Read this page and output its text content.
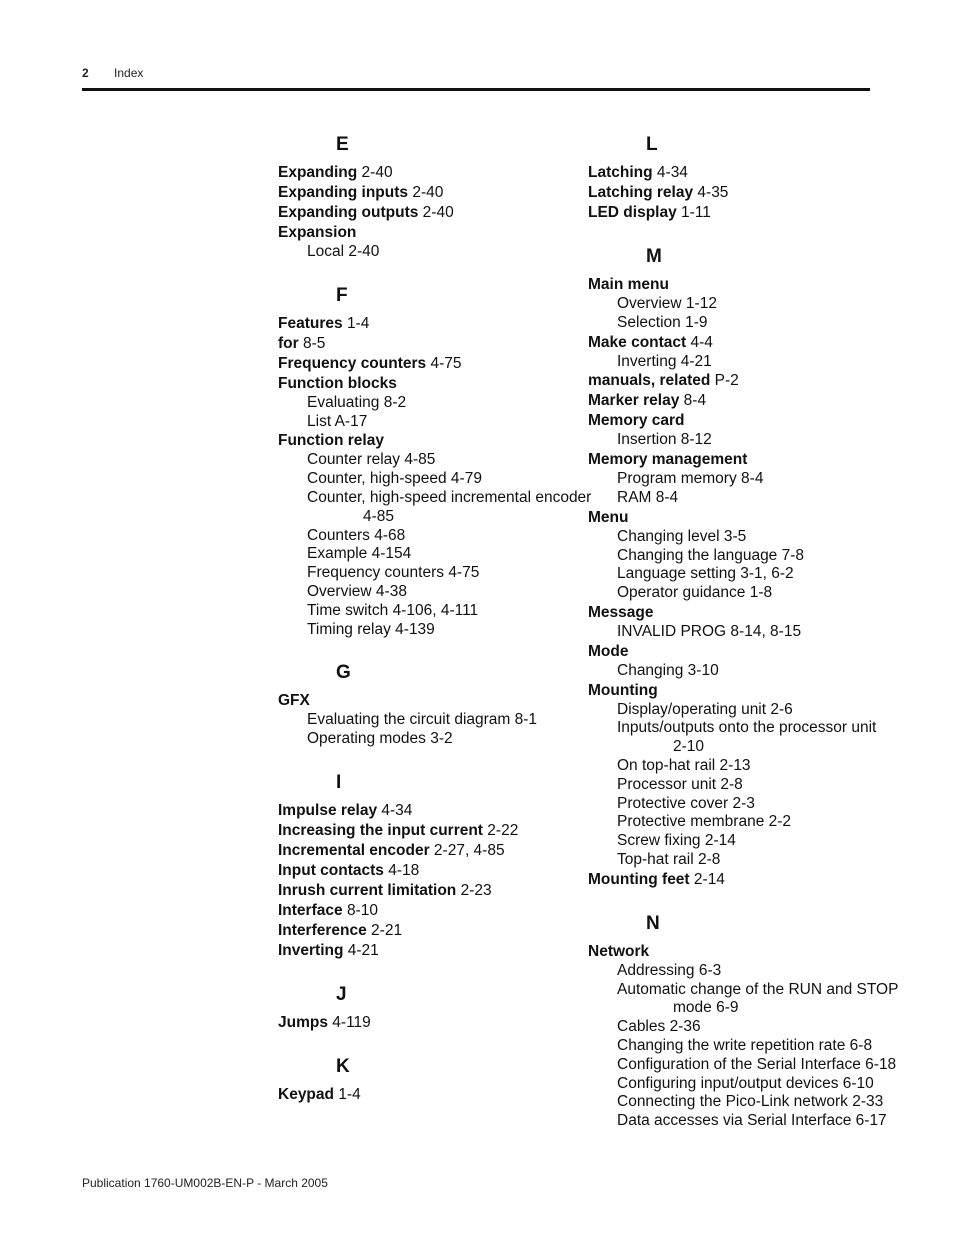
2 Index
E
Expanding 2-40
Expanding inputs 2-40
Expanding outputs 2-40
Expansion
Local 2-40
F
Features 1-4
for 8-5
Frequency counters 4-75
Function blocks
Evaluating 8-2
List A-17
Function relay
Counter relay 4-85
Counter, high-speed 4-79
Counter, high-speed incremental encoder
4-85
Counters 4-68
Example 4-154
Frequency counters 4-75
Overview 4-38
Time switch 4-106, 4-111
Timing relay 4-139
G
GFX
Evaluating the circuit diagram 8-1
Operating modes 3-2
I
Impulse relay 4-34
Increasing the input current 2-22
Incremental encoder 2-27, 4-85
Input contacts 4-18
Inrush current limitation 2-23
Interface 8-10
Interference 2-21
Inverting 4-21
J
Jumps 4-119
K
Keypad 1-4
L
Latching 4-34
Latching relay 4-35
LED display 1-11
M
Main menu
Overview 1-12
Selection 1-9
Make contact 4-4
Inverting 4-21
manuals, related P-2
Marker relay 8-4
Memory card
Insertion 8-12
Memory management
Program memory 8-4
RAM 8-4
Menu
Changing level 3-5
Changing the language 7-8
Language setting 3-1, 6-2
Operator guidance 1-8
Message
INVALID PROG 8-14, 8-15
Mode
Changing 3-10
Mounting
Display/operating unit 2-6
Inputs/outputs onto the processor unit
2-10
On top-hat rail 2-13
Processor unit 2-8
Protective cover 2-3
Protective membrane 2-2
Screw fixing 2-14
Top-hat rail 2-8
Mounting feet 2-14
N
Network
Addressing 6-3
Automatic change of the RUN and STOP
mode 6-9
Cables 2-36
Changing the write repetition rate 6-8
Configuration of the Serial Interface 6-18
Configuring input/output devices 6-10
Connecting the Pico-Link network 2-33
Data accesses via Serial Interface 6-17
Publication 1760-UM002B-EN-P - March 2005
